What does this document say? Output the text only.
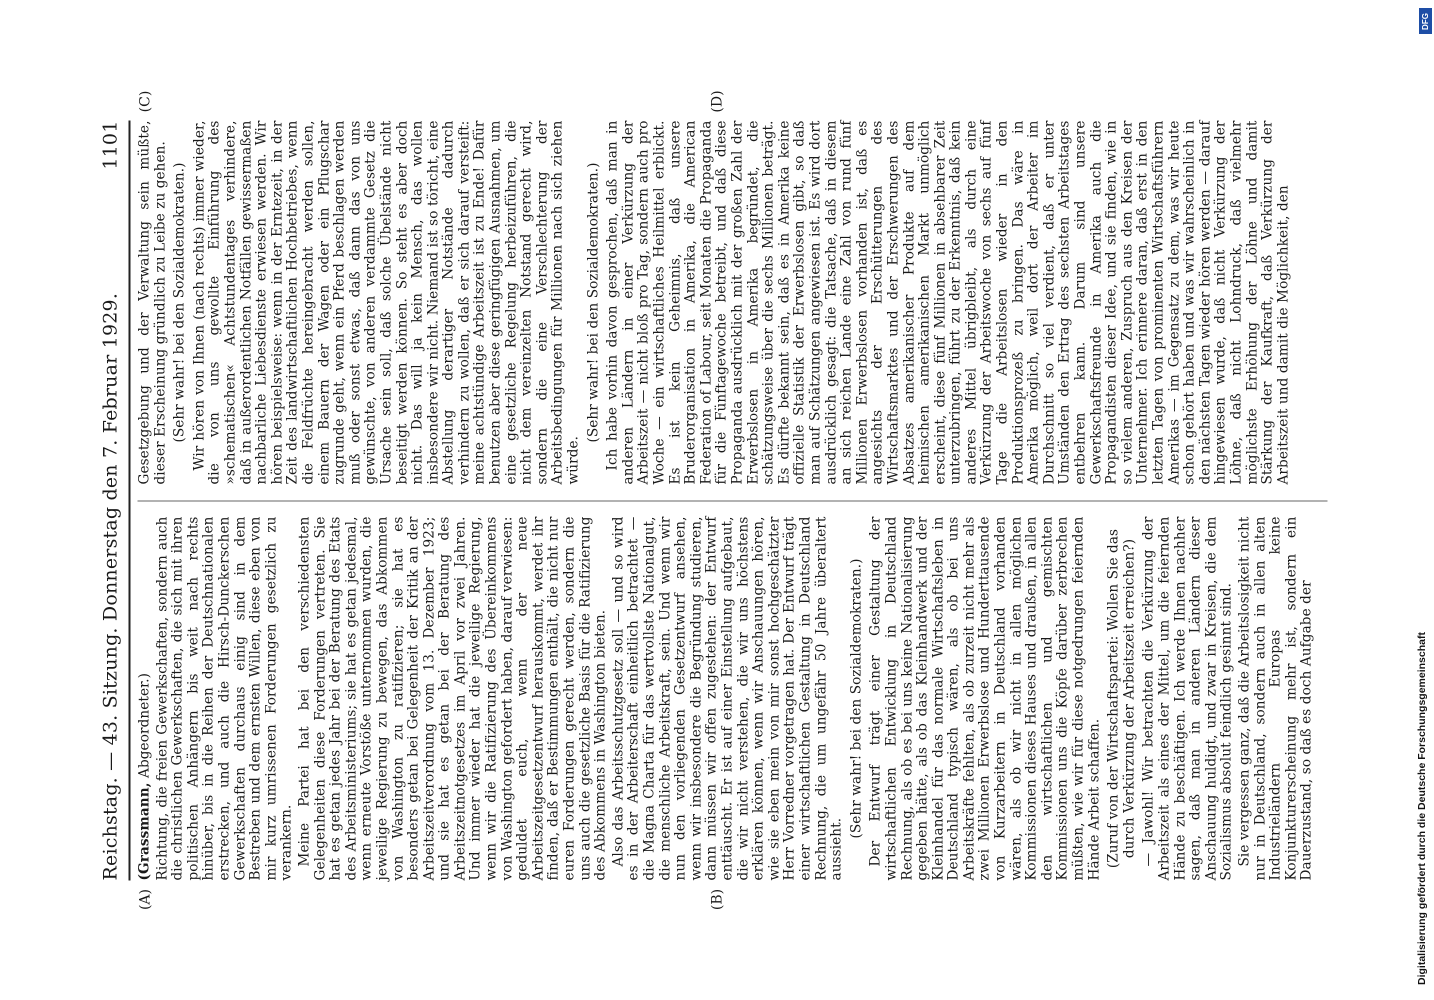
Reichstag. — 43. Sitzung. Donnerstag den 7. Februar 1929.
1101
(A)	(B)
(C)	(D)

(Grassmann, Abgeordneter.) Richtung, die freien Gewerkschaften, sondern auch die christlichen Gewerkschaften, die sich mit ihren politischen Anhängern bis weit nach rechts hinüber, bis in die Reihen der Deutschnationalen erstrecken, und auch die Hirsch-Dunckerschen Gewerkschaften durchaus einig sind in dem Bestreben und dem ernsten Willen, diese eben von mir kurz umrissenen Forderungen gesetzlich zu verankern. Meine Partei hat bei den verschiedensten Gelegenheiten diese Forderungen vertreten. Sie hat es getan jedes Jahr bei der Beratung des Etats des Arbeitsministeriums; sie hat es getan jedesmal, wenn erneute Vorstöße unternommen wurden, die jeweilige Regierung zu bewegen, das Abkommen von Washington zu ratifizieren; sie hat es besonders getan bei Gelegenheit der Kritik an der Arbeitszeitverordnung vom 13. Dezember 1923; und sie hat es getan bei der Beratung des Arbeitszeitnotgesetzes im April vor zwei Jahren. Und immer wieder hat die jeweilige Regierung, wenn wir die Ratifizierung des Übereinkommens von Washington gefordert haben, darauf verwiesen: geduldet euch, wenn der neue Arbeitszeitgesetzentwurf herauskommt, werdet ihr finden, daß er Bestimmungen enthält, die nicht nur euren Forderungen gerecht werden, sondern die uns auch die gesetzliche Basis für die Ratifizierung des Abkommens in Washington bieten. Also das Arbeitsschutzgesetz soll — und so wird es in der Arbeiterschaft einheitlich betrachtet — die Magna Charta für das wertvollste Nationalgut, die menschliche Arbeitskraft, sein. Und wenn wir nun den vorliegenden Gesetzentwurf ansehen, wenn wir insbesondere die Begründung studieren, dann müssen wir offen zugestehen: der Entwurf enttäuscht. Er ist auf einer Einstellung aufgebaut, die wir nicht verstehen, die wir uns höchstens erklären können, wenn wir Anschauungen hören, wie sie eben mein von mir sonst hochgeschätzter Herr Vorredner vorgetragen hat. Der Entwurf trägt einer wirtschaftlichen Gestaltung in Deutschland Rechnung, die um ungefähr 50 Jahre überaltert aussieht.

(Sehr wahr! bei den Sozialdemokraten.) Der Entwurf trägt einer Gestaltung der wirtschaftlichen Entwicklung in Deutschland Rechnung, als ob es bei uns keine Nationalisierung gegeben hätte, als ob das Kleinhandwerk und der Kleinhandel für das normale Wirtschaftsleben in Deutschland typisch wären, als ob bei uns Arbeitskräfte fehlten, als ob zurzeit nicht mehr als zwei Millionen Erwerbslose und Hunderttausende von Kurzarbeitern in Deutschland vorhanden wären, als ob wir nicht in allen möglichen Kommissionen dieses Hauses und draußen, in allen den wirtschaftlichen und gemischten Kommissionen uns die Köpfe darüber zerbrechen müßten, wie wir für diese notgedrungen feiernden Hände Arbeit schaffen. (Zuruf von der Wirtschaftspartei: Wollen Sie das durch Verkürzung der Arbeitszeit erreichen?) — Jawohl! Wir betrachten die Verkürzung der Arbeitszeit als eines der Mittel, um die feiernden Hände zu beschäftigen. Ich werde Ihnen nachher sagen, daß man in anderen Ländern dieser Anschauung huldigt, und zwar in Kreisen, die dem Sozialismus absolut feindlich gesinnt sind. Sie vergessen ganz, daß die Arbeitslosigkeit nicht nur in Deutschland, sondern auch in allen alten Industrieländern Europas keine Konjunkturerscheinung mehr ist, sondern ein Dauerzustand, so daß es doch Aufgabe der

Gesetzgebung und der Verwaltung sein müßte, dieser Erscheinung gründlich zu Leibe zu gehen. (Sehr wahr! bei den Sozialdemokraten.) Wir hören von Ihnen (nach rechts) immer wieder, die von uns gewollte Einführung des »schematischen« Achtstundentages verhindere, daß in außerordentlichen Notfällen gewissermaßen nachbarliche Liebesdienste erwiesen werden. Wir hören beispielsweise: wenn in der Erntezeit, in der Zeit des landwirtschaftlichen Hochbetriebes, wenn die Feldfrüchte hereingebracht werden sollen, einem Bauern der Wagen oder ein Pflugschar zugrunde geht, wenn ein Pferd beschlagen werden muß oder sonst etwas, daß dann das von uns gewünschte, von anderen verdammte Gesetz die Ursache sein soll, daß solche Übelstände nicht beseitigt werden können. So steht es aber doch nicht. Das will ja kein Mensch, das wollen insbesondere wir nicht. Niemand ist so töricht, eine Abstellung derartiger Notstände dadurch verhindern zu wollen, daß er sich darauf versteift: meine achtstündige Arbeitszeit ist zu Ende! Dafür benutzen aber diese geringfügigen Ausnahmen, um eine gesetzliche Regelung herbeizuführen, die nicht dem vereinzelten Notstand gerecht wird, sondern die eine Verschlechterung der Arbeitsbedingungen für Millionen nach sich ziehen würde.

(Sehr wahr! bei den Sozialdemokraten.) Ich habe vorhin davon gesprochen, daß man in anderen Ländern in einer Verkürzung der Arbeitszeit — nicht bloß pro Tag, sondern auch pro Woche — ein wirtschaftliches Heilmittel erblickt. Es ist kein Geheimnis, daß unsere Bruderorganisation in Amerika, die American Federation of Labour, seit Monaten die Propaganda für die Fünftagewoche betreibt, und daß diese Propaganda ausdrücklich mit der großen Zahl der Erwerbslosen in Amerika begründet, die schätzungsweise über die sechs Millionen beträgt. Es dürfte bekannt sein, daß es in Amerika keine offizielle Statistik der Erwerbslosen gibt, so daß man auf Schätzungen angewiesen ist. Es wird dort ausdrücklich gesagt: die Tatsache, daß in diesem an sich reichen Lande eine Zahl von rund fünf Millionen Erwerbslosen vorhanden ist, daß es angesichts der Erschütterungen des Wirtschaftsmarktes und der Erschwerungen des Absatzes amerikanischer Produkte auf dem heimischen amerikanischen Markt unmöglich erscheint, diese fünf Millionen in absehbarer Zeit unterzubringen, führt zu der Erkenntnis, daß kein anderes Mittel übrigbleibt, als durch eine Verkürzung der Arbeitswoche von sechs auf fünf Tage die Arbeitslosen wieder in den Produktionsprozeß zu bringen. Das wäre in Amerika möglich, weil dort der Arbeiter im Durchschnitt so viel verdient, daß er unter Umständen den Ertrag des sechsten Arbeitstages entbehren kann. Darum sind unsere Gewerkschaftsfreunde in Amerika auch die Propagandisten dieser Idee, und sie finden, wie in so vielem anderen, Zuspruch aus den Kreisen der Unternehmer. Ich erinnere daran, daß erst in den letzten Tagen von prominenten Wirtschaftsführern Amerikas — im Gegensatz zu dem, was wir heute schon gehört haben und was wir wahrscheinlich in den nächsten Tagen wieder hören werden — darauf hingewiesen wurde, daß nicht Verkürzung der Löhne, daß nicht Lohndruck, daß vielmehr möglichste Erhöhung der Löhne und damit Stärkung der Kaufkraft, daß Verkürzung der Arbeitszeit und damit die Möglichkeit, den

DFG
Digitalisierung gefördert durch die Deutsche Forschungsgemeinschaft
